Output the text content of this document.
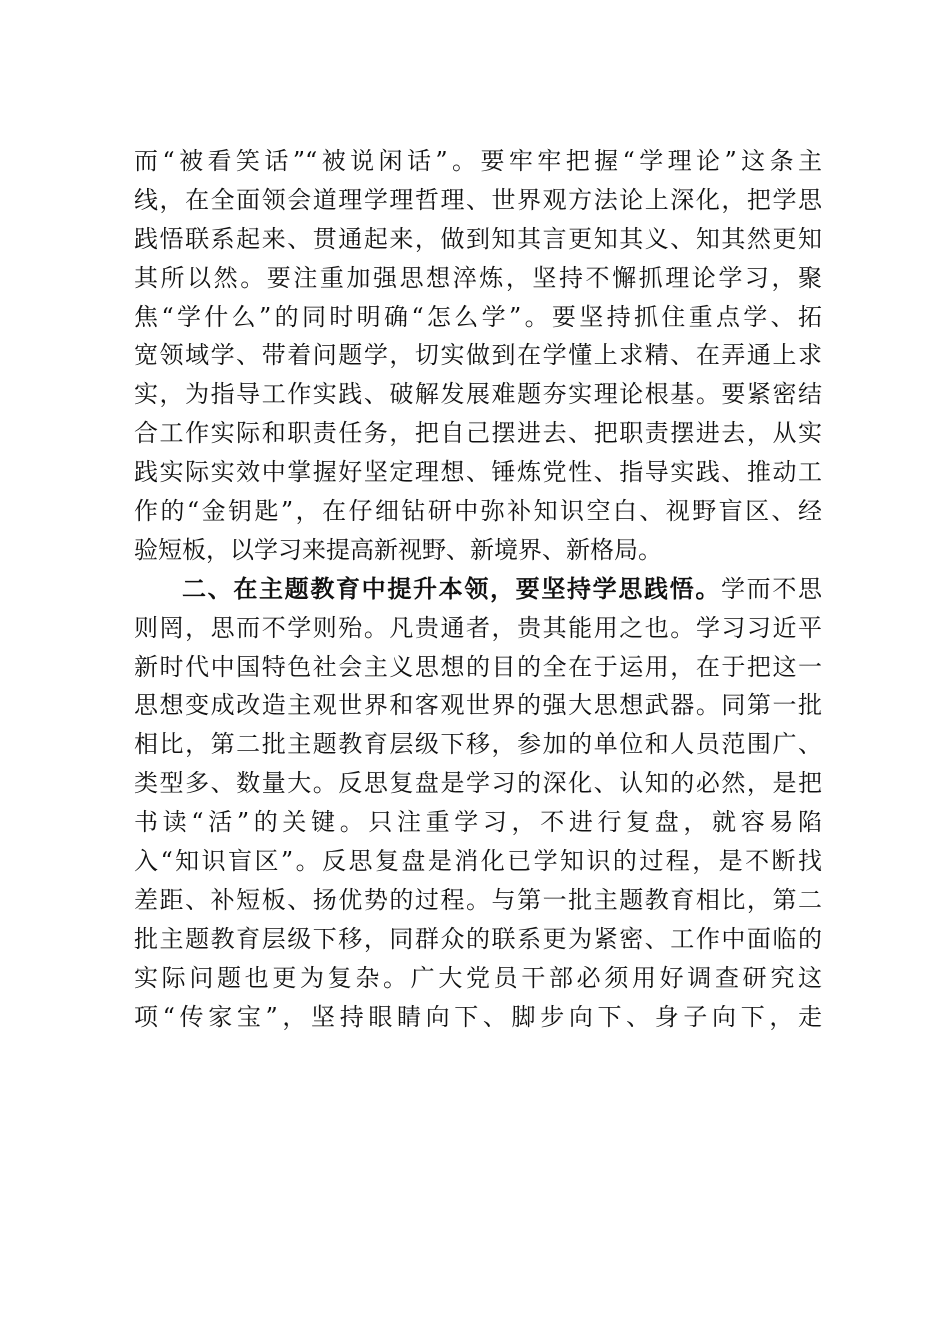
而“被看笑话”“被说闲话”。要牢牢把握“学理论”这条主
线，在全面领会道理学理哲理、世界观方法论上深化，把学思
践悟联系起来、贯通起来，做到知其言更知其义、知其然更知
其所以然。要注重加强思想淬炼，坚持不懈抓理论学习，聚
焦“学什么”的同时明确“怎么学”。要坚持抓住重点学、拓
宽领域学、带着问题学，切实做到在学懂上求精、在弄通上求
实，为指导工作实践、破解发展难题夯实理论根基。要紧密结
合工作实际和职责任务，把自己摆进去、把职责摆进去，从实
践实际实效中掌握好坚定理想、锤炼党性、指导实践、推动工
作的“金钥匙”，在仔细钻研中弥补知识空白、视野盲区、经
验短板，以学习来提高新视野、新境界、新格局。
二、在主题教育中提升本领，要坚持学思践悟。学而不思
则罔，思而不学则殆。凡贵通者，贵其能用之也。学习习近平
新时代中国特色社会主义思想的目的全在于运用，在于把这一
思想变成改造主观世界和客观世界的强大思想武器。同第一批
相比，第二批主题教育层级下移，参加的单位和人员范围广、
类型多、数量大。反思复盘是学习的深化、认知的必然，是把
书读“活”的关键。只注重学习，不进行复盘，就容易陷
入“知识盲区”。反思复盘是消化已学知识的过程，是不断找
差距、补短板、扬优势的过程。与第一批主题教育相比，第二
批主题教育层级下移，同群众的联系更为紧密、工作中面临的
实际问题也更为复杂。广大党员干部必须用好调查研究这
项“传家宝”，坚持眼睛向下、脚步向下、身子向下，走
